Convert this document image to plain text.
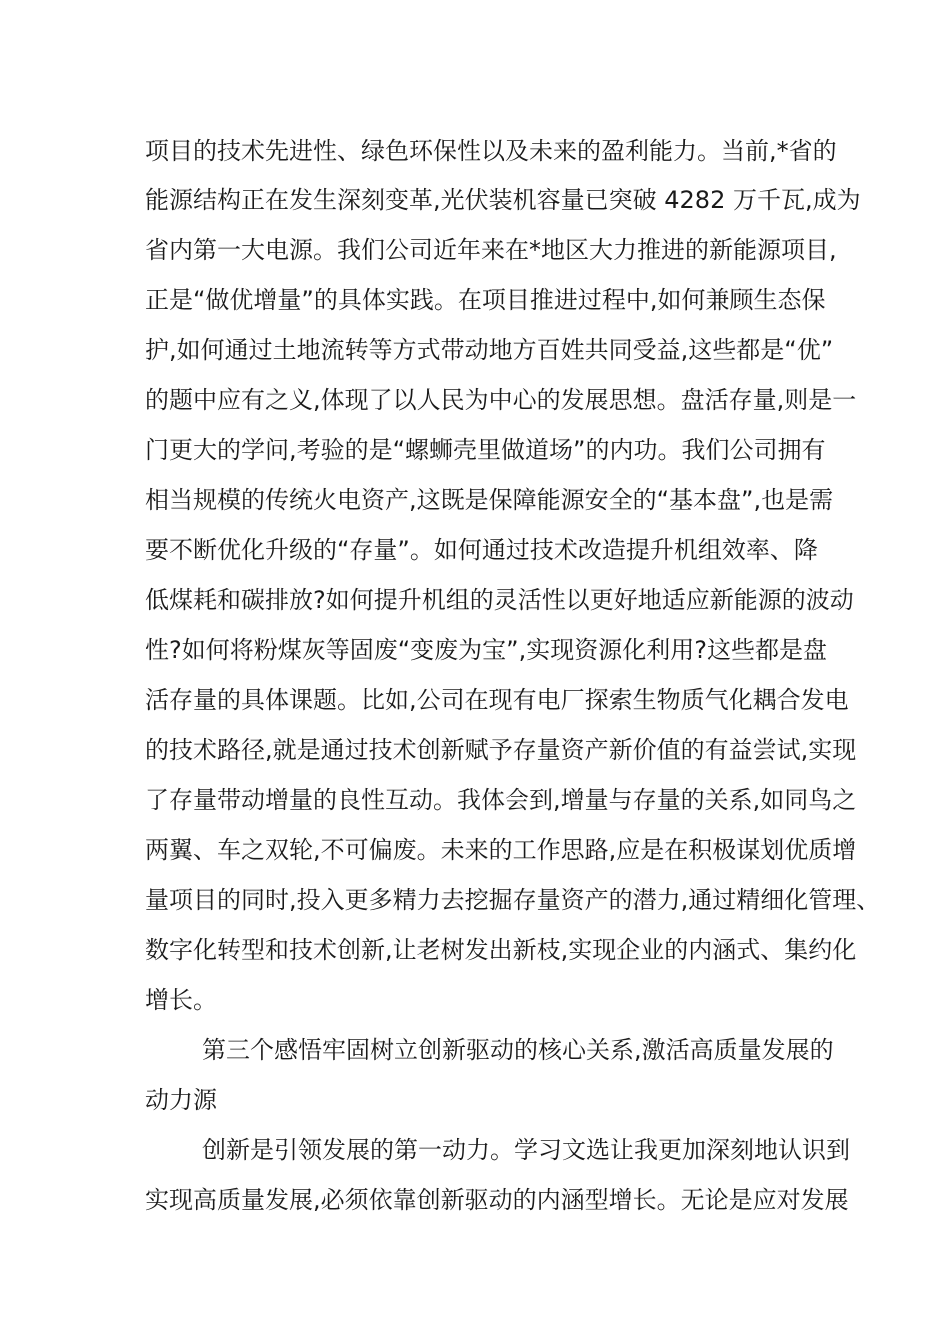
项目的技术先进性、绿色环保性以及未来的盈利能力。当前,*省的

能源结构正在发生深刻变革,光伏装机容量已突破 4282 万千瓦,成为

省内第一大电源。我们公司近年来在*地区大力推进的新能源项目,

正是“做优增量”的具体实践。在项目推进过程中,如何兼顾生态保

护,如何通过土地流转等方式带动地方百姓共同受益,这些都是“优”

的题中应有之义,体现了以人民为中心的发展思想。盘活存量,则是一

门更大的学问,考验的是“螺蛳壳里做道场”的内功。我们公司拥有

相当规模的传统火电资产,这既是保障能源安全的“基本盘”,也是需

要不断优化升级的“存量”。如何通过技术改造提升机组效率、降

低煤耗和碳排放?如何提升机组的灵活性以更好地适应新能源的波动

性?如何将粉煤灰等固废“变废为宝”,实现资源化利用?这些都是盘

活存量的具体课题。比如,公司在现有电厂探索生物质气化耦合发电

的技术路径,就是通过技术创新赋予存量资产新价值的有益尝试,实现

了存量带动增量的良性互动。我体会到,增量与存量的关系,如同鸟之

两翼、车之双轮,不可偏废。未来的工作思路,应是在积极谋划优质增

量项目的同时,投入更多精力去挖掘存量资产的潜力,通过精细化管理、

数字化转型和技术创新,让老树发出新枝,实现企业的内涵式、集约化

增长。

第三个感悟牢固树立创新驱动的核心关系,激活高质量发展的

动力源

创新是引领发展的第一动力。学习文选让我更加深刻地认识到

实现高质量发展,必须依靠创新驱动的内涵型增长。无论是应对发展
